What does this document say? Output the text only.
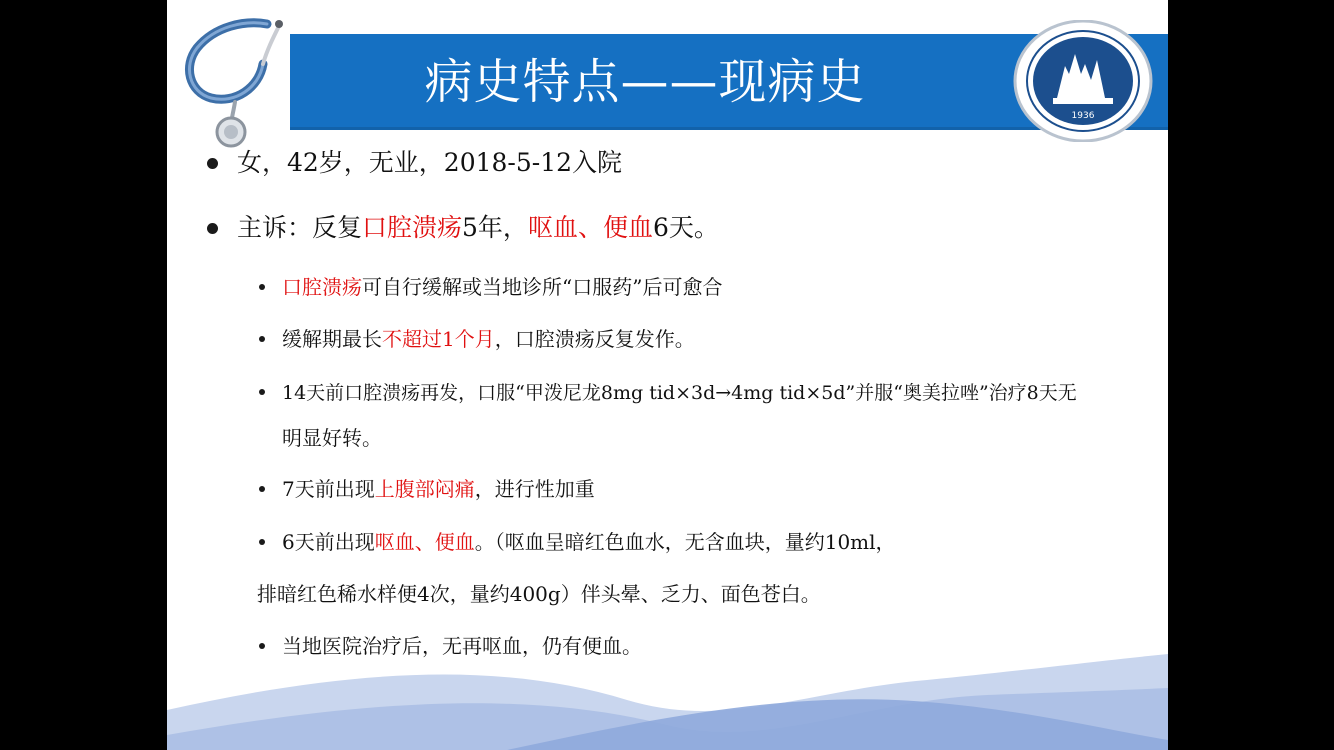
病史特点——现病史
1936
女，42岁，无业，2018-5-12入院
主诉：反复口腔溃疡5年，呕血、便血6天。
口腔溃疡可自行缓解或当地诊所“口服药”后可愈合
缓解期最长不超过1个月，口腔溃疡反复发作。
14天前口腔溃疡再发，口服“甲泼尼龙8mg tid×3d→4mg tid×5d”并服“奥美拉唑”治疗8天无
明显好转。
7天前出现上腹部闷痛，进行性加重
6天前出现呕血、便血。（呕血呈暗红色血水，无含血块，量约10ml，
排暗红色稀水样便4次，量约400g）伴头晕、乏力、面色苍白。
当地医院治疗后，无再呕血，仍有便血。
